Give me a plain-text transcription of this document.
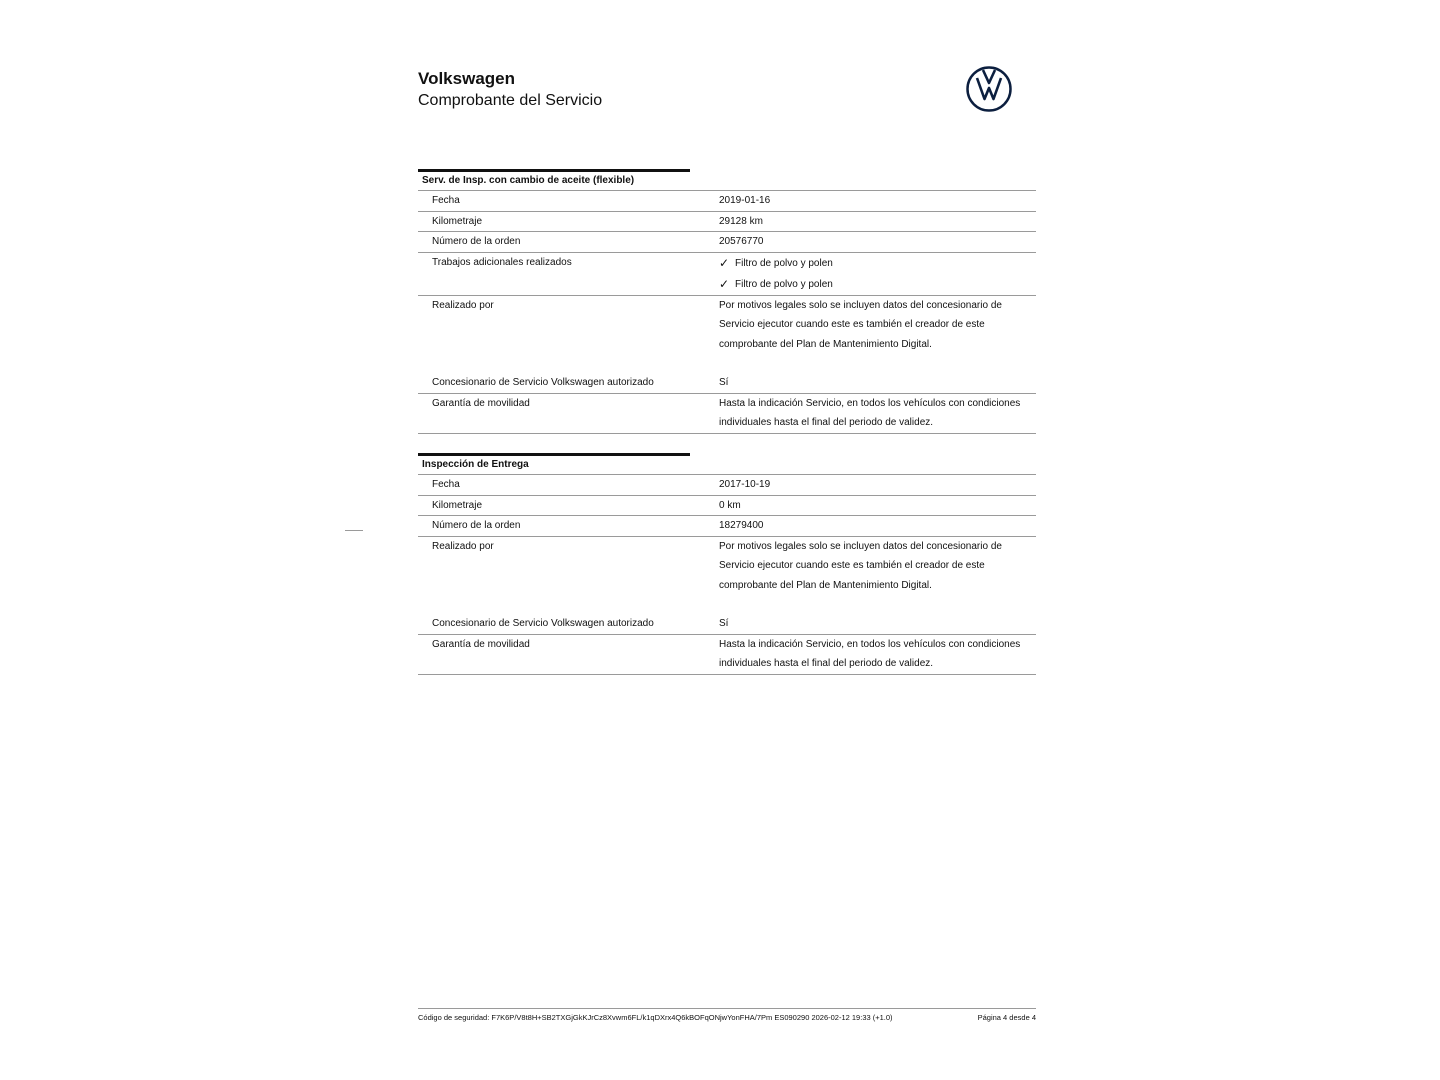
Volkswagen

Comprobante del Servicio

Serv. de Insp. con cambio de aceite (flexible)
Fecha	2019-01-16
Kilometraje	29128 km
Número de la orden	20576770
Trabajos adicionales realizados	✓ Filtro de polvo y polen
✓ Filtro de polvo y polen
Realizado por	Por motivos legales solo se incluyen datos del concesionario de Servicio ejecutor cuando este es también el creador de este comprobante del Plan de Mantenimiento Digital.
Concesionario de Servicio Volkswagen autorizado	Sí
Garantía de movilidad	Hasta la indicación Servicio, en todos los vehículos con condiciones individuales hasta el final del periodo de validez.
Inspección de Entrega
Fecha	2017-10-19
Kilometraje	0 km
Número de la orden	18279400
Realizado por	Por motivos legales solo se incluyen datos del concesionario de Servicio ejecutor cuando este es también el creador de este comprobante del Plan de Mantenimiento Digital.
Concesionario de Servicio Volkswagen autorizado	Sí
Garantía de movilidad	Hasta la indicación Servicio, en todos los vehículos con condiciones individuales hasta el final del periodo de validez.
Código de seguridad: F7K6P/V8t8H+SB2TXGjGkKJrCz8Xvwm6FL/k1qDXrx4Q6kBOFqONjwYonFHA/7Pm ES090290 2026-02-12 19:33 (+1.0)	Página 4 desde 4
